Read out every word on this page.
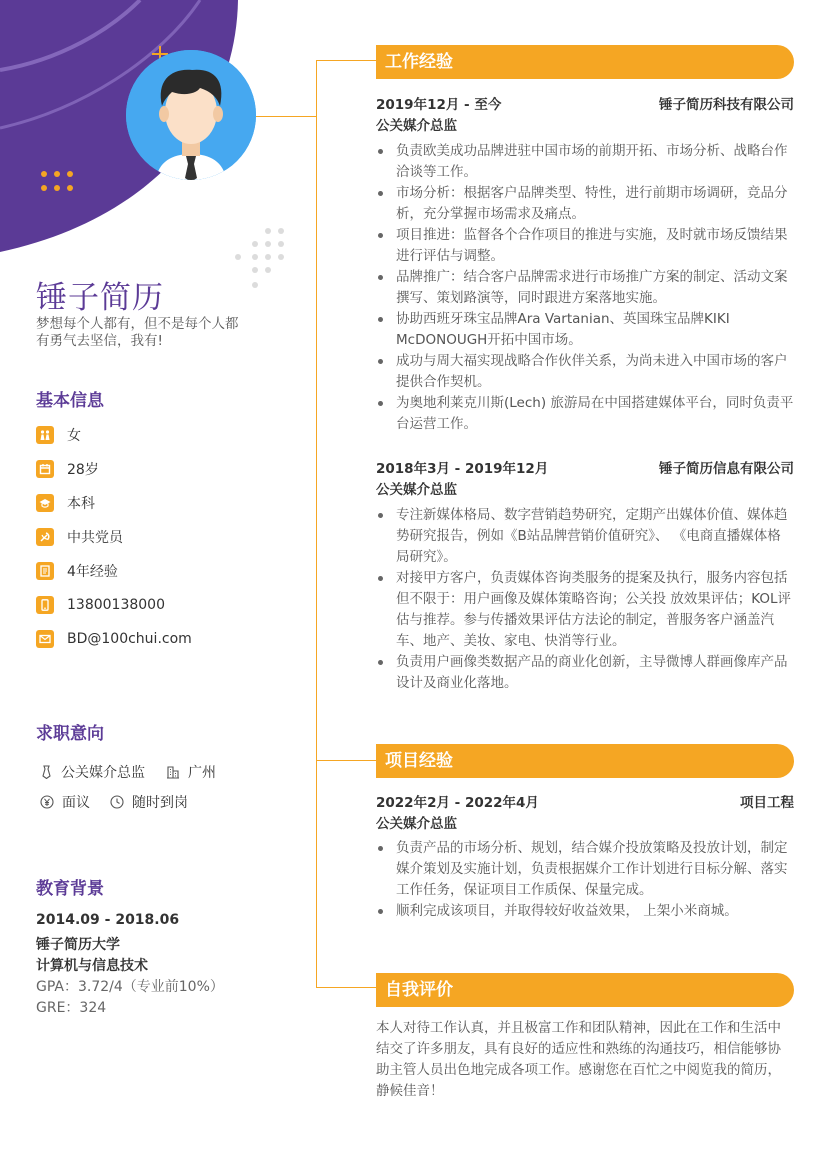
锤子简历
梦想每个人都有，但不是每个人都有勇气去坚信，我有!
基本信息
女
28岁
本科
中共党员
4年经验
13800138000
BD@100chui.com
求职意向
公关媒介总监	广州
面议	随时到岗
教育背景
2014.09 - 2018.06
锤子简历大学
计算机与信息技术
GPA：3.72/4（专业前10%）
GRE：324
工作经验
2019年12月 - 至今	锤子简历科技有限公司
公关媒介总监
负责欧美成功品牌进驻中国市场的前期开拓、市场分析、战略台作洽谈等工作。
市场分析：根据客户品牌类型、特性，进行前期市场调研，竞品分析，充分掌握市场需求及痛点。
项目推进：监督各个合作项目的推进与实施，及时就市场反馈结果进行评估与调整。
品牌推广：结合客户品牌需求进行市场推广方案的制定、活动文案撰写、策划路演等，同时跟进方案落地实施。
协助西班牙珠宝品牌Ara Vartanian、英国珠宝品牌KIKI McDONOUGH开拓中国市场。
成功与周大福实现战略合作伙伴关系，为尚未进入中国市场的客户提供合作契机。
为奥地利莱克川斯(Lech) 旅游局在中国搭建媒体平台，同时负责平台运营工作。
2018年3月 - 2019年12月	锤子简历信息有限公司
公关媒介总监
专注新媒体格局、数字营销趋势研究，定期产出媒体价值、媒体趋势研究报告，例如《B站品牌营销价值研究》、 《电商直播媒体格局研究》。
对接甲方客户，负责媒体咨询类服务的提案及执行，服务内容包括但不限于：用户画像及媒体策略咨询；公关投 放效果评估；KOL评估与推荐。参与传播效果评估方法论的制定，普服务客户涵盖汽车、地产、美妆、家电、快消等行业。
负责用户画像类数据产品的商业化创新，主导微博人群画像库产品设计及商业化落地。
项目经验
2022年2月 - 2022年4月	项目工程
公关媒介总监
负责产品的市场分析、规划，结合媒介投放策略及投放计划，制定媒介策划及实施计划，负责根据媒介工作计划进行目标分解、落实工作任务，保证项目工作质保、保量完成。
顺利完成该项目，并取得较好收益效果， 上架小米商城。
自我评价
本人对待工作认真，并且极富工作和团队精神，因此在工作和生活中结交了许多朋友，具有良好的适应性和熟练的沟通技巧，相信能够协助主管人员出色地完成各项工作。感谢您在百忙之中阅览我的简历，静候佳音！
